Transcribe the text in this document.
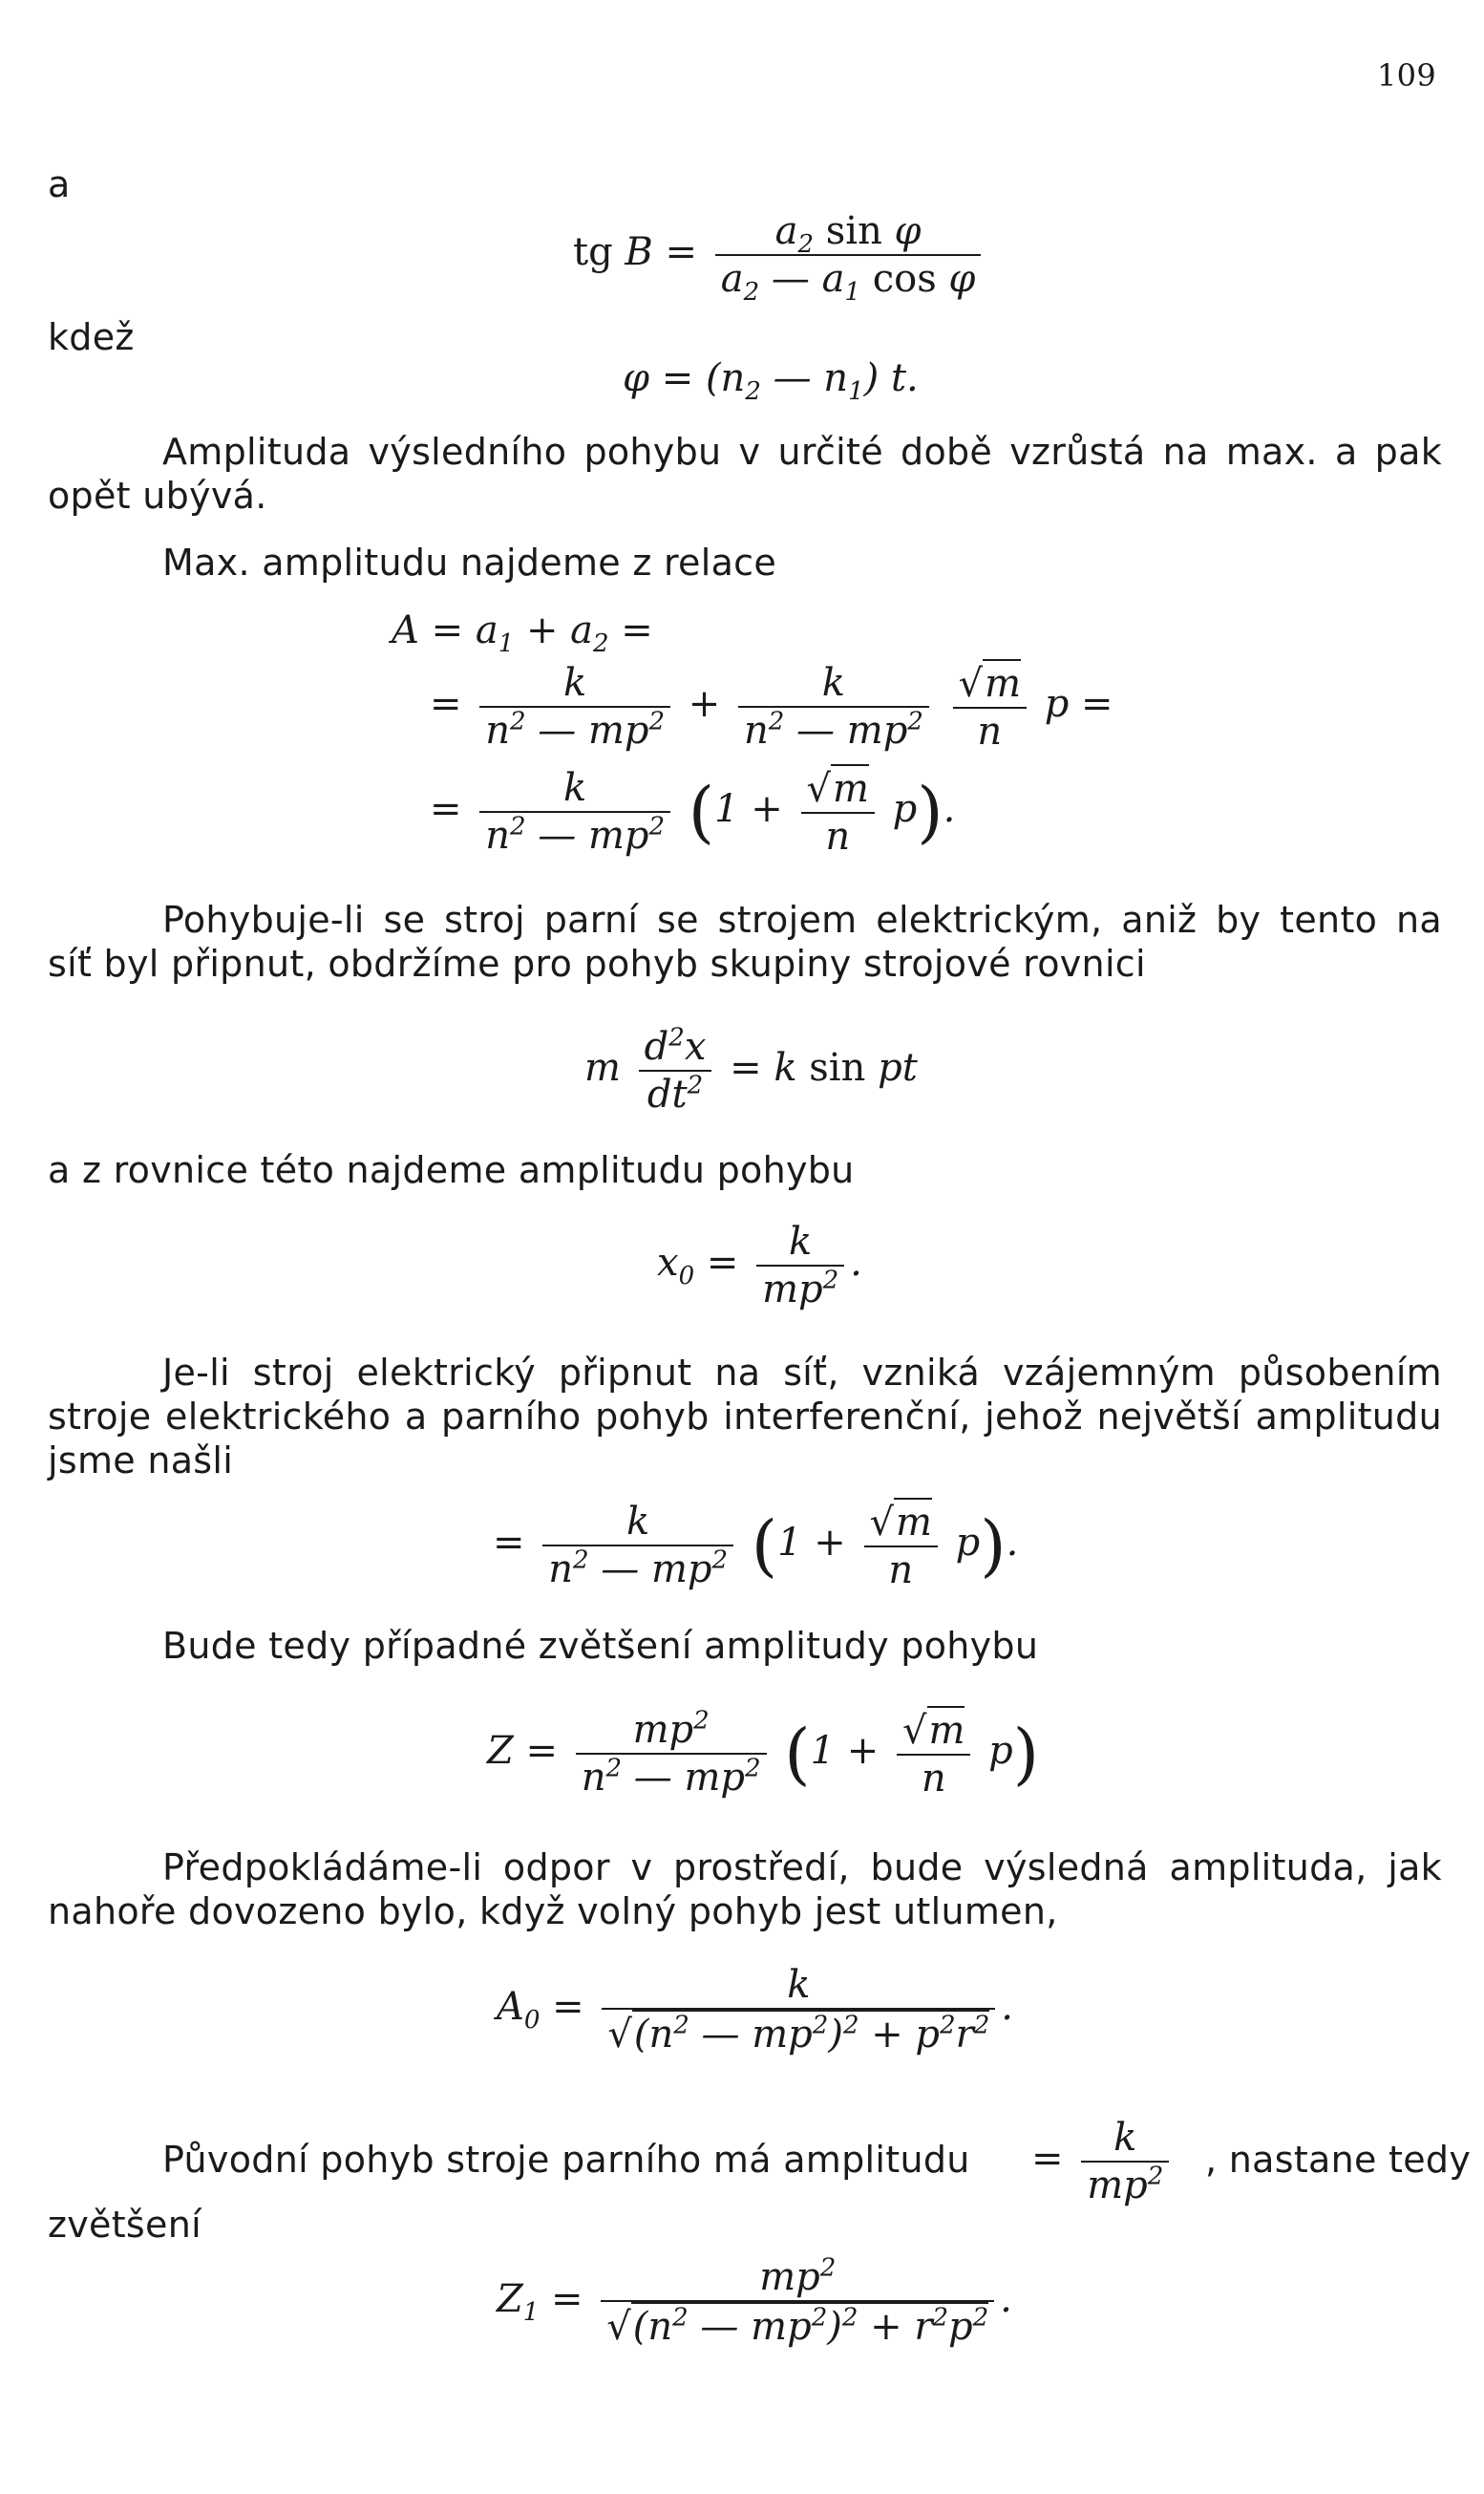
109
a
tg $B = \frac{a_2 \sin \varphi}{a_2 — a_1 \cos \varphi}$
kdež
$\varphi = (n_2$ — $n_1$) t.
Amplituda výsledního pohybu v určité době vzrůstá na max. a pak
opět ubývá.
Max. amplitudu najdeme z relace
$A = a_1 + a_2$ =
= $\frac{k}{n^2 — mp^2} + \frac{k}{n^2 — mp^2}$
$\frac{√m}{n}$ p =
= $\frac{k}{n^2 — mp^2} (1 + \frac{√m}{n} p)$.
Pohybuje-li se stroj parní se strojem elektrickým, aniž by tento na
síť byl připnut, obdržíme pro pohyb skupiny strojové rovnici
m $\frac{d^2x}{dt^2} = k$ sin pt
a z rovnice této najdeme amplitudu pohybu
$x_0 = \frac{k}{mp^2}$ .
Je-li stroj elektrický připnut na síť, vzniká vzájemným působením
stroje elektrického a parního pohyb interferenční, jehož největší amplitudu
jsme našli
= $\frac{k}{n^2 — mp^2} (1 + \frac{√m}{n} p)$.
Bude tedy případné zvětšení amplitudy pohybu
$Z = \frac{mp^2}{n^2 — mp^2} (1 + \frac{√m}{n} p)$
Předpokládáme-li odpor v prostředí, bude výsledná amplituda, jak
nahoře dovozeno bylo, když volný pohyb jest utlumen,
$A_0 = \frac{k}{√(n^2 — mp^2)^2 + p^2r^2}$ .
Původní pohyb stroje parního má amplitudu = $\frac{k}{mp^2}$ , nastane tedy
zvětšení
$Z_1 = \frac{mp^2}{√(n^2 — mp^2)^2 + r^2p^2}$ .
